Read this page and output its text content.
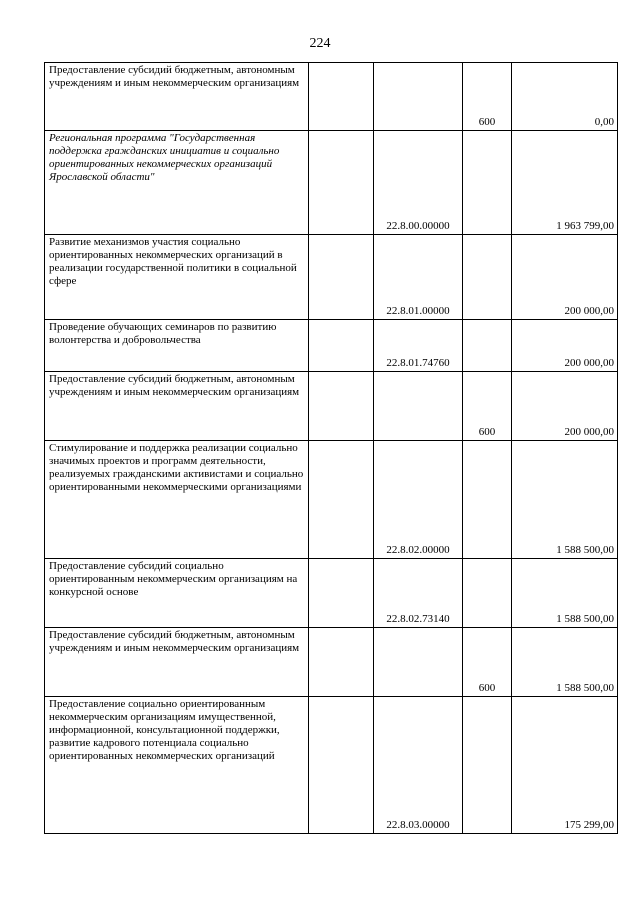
224
Предоставление субсидий бюджетным, автономным учреждениям и иным некоммерческим организациям			600	0,00
Региональная программа "Государственная поддержка гражданских инициатив и социально ориентированных некоммерческих организаций Ярославской области"		22.8.00.00000		1 963 799,00
Развитие механизмов участия социально ориентированных некоммерческих организаций в реализации государственной политики в социальной сфере		22.8.01.00000		200 000,00
Проведение обучающих семинаров по развитию волонтерства и добровольчества		22.8.01.74760		200 000,00
Предоставление субсидий бюджетным, автономным учреждениям и иным некоммерческим организациям			600	200 000,00
Стимулирование и поддержка реализации социально значимых проектов и программ деятельности, реализуемых гражданскими активистами и социально ориентированными некоммерческими организациями		22.8.02.00000		1 588 500,00
Предоставление субсидий социально ориентированным некоммерческим организациям на конкурсной основе		22.8.02.73140		1 588 500,00
Предоставление субсидий бюджетным, автономным учреждениям и иным некоммерческим организациям			600	1 588 500,00
Предоставление социально ориентированным некоммерческим организациям имущественной, информационной, консультационной поддержки, развитие кадрового потенциала социально ориентированных некоммерческих организаций		22.8.03.00000		175 299,00
